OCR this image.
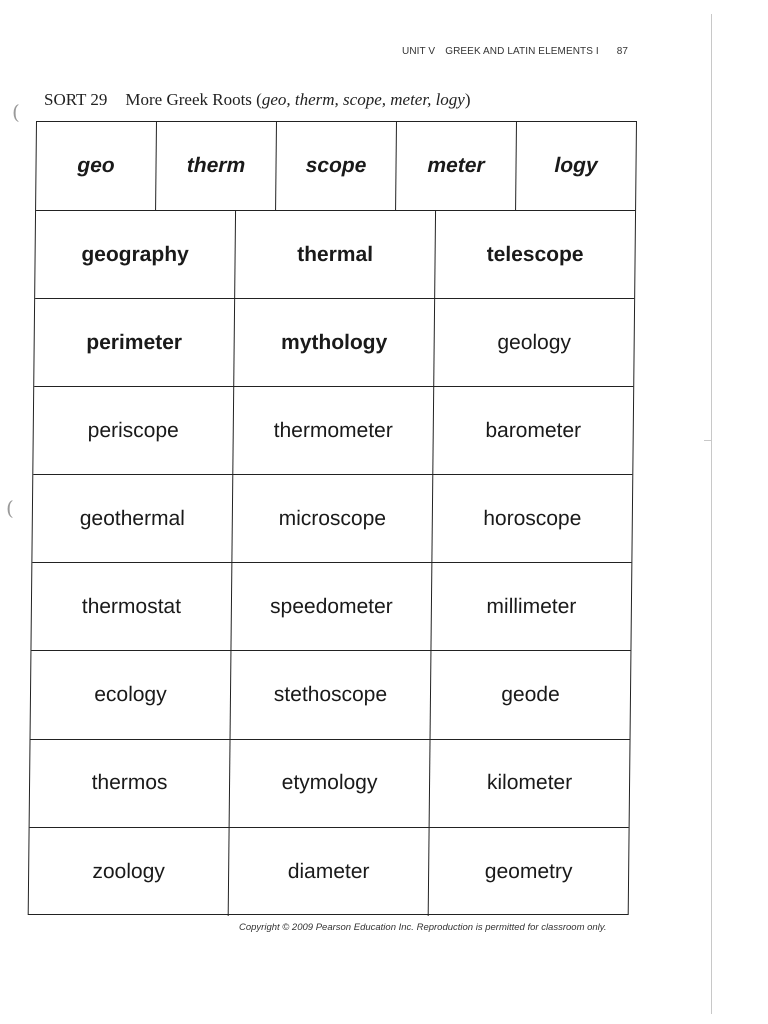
(
(
UNIT V GREEK AND LATIN ELEMENTS I 87
SORT 29 More Greek Roots (geo, therm, scope, meter, logy)
geo	therm	scope	meter	logy
geography	thermal	telescope
perimeter	mythology	geology
periscope	thermometer	barometer
geothermal	microscope	horoscope
thermostat	speedometer	millimeter
ecology	stethoscope	geode
thermos	etymology	kilometer
zoology	diameter	geometry
Copyright © 2009 Pearson Education Inc. Reproduction is permitted for classroom only.
